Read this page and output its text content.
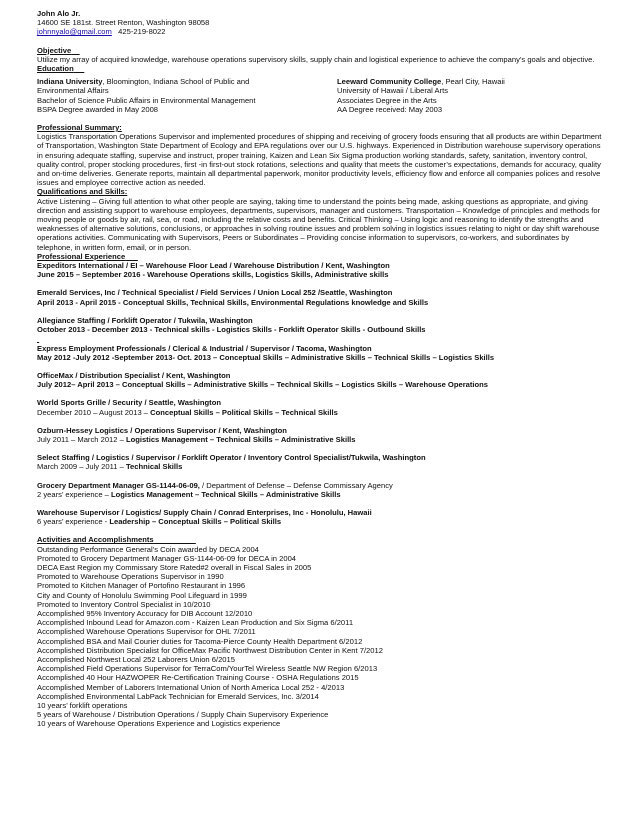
John Alo Jr.
14600 SE 181st. Street Renton, Washington 98058
johnnyalo@gmail.com 425-219-8022
Objective
Utilize my array of acquired knowledge, warehouse operations supervisory skills, supply chain and logistical experience to achieve the company’s goals and objective.
Education
Indiana University, Bloomington, Indiana School of Public and
Environmental Affairs
Bachelor of Science Public Affairs in Environmental Management
BSPA Degree awarded in May 2008
Leeward Community College, Pearl City, Hawaii
University of Hawaii / Liberal Arts
Associates Degree in the Arts
AA Degree received: May 2003
Professional Summary:
Logistics Transportation Operations Supervisor and implemented procedures of shipping and receiving of grocery foods ensuring that all products are within Department of Transportation, Washington State Department of Ecology and EPA regulations over our U.S. highways. Experienced in Distribution warehouse supervisory operations in ensuring adequate staffing, supervise and instruct, proper training, Kaizen and Lean Six Sigma production working standards, safety, sanitation, inventory control, quality control, proper stocking procedures, first -in first-out stock rotations, selections and quality that meets the customer’s expectations, demands for accuracy, quality and on-time deliveries. Generate reports, maintain all departmental paperwork, monitor productivity levels, efficiency flow and enforce all companies polices and resolve issues and employee corrective action as needed.
Qualifications and Skills:
Active Listening – Giving full attention to what other people are saying, taking time to understand the points being made, asking questions as appropriate, and giving direction and assisting support to warehouse employees, departments, supervisors, manager and customers. Transportation – Knowledge of principles and methods for moving people or goods by air, rail, sea, or road, including the relative costs and benefits. Critical Thinking – Using logic and reasoning to identify the strengths and weaknesses of alternative solutions, conclusions, or approaches in solving routine issues and problem solving in logistics issues relating to night or day shift warehouse operations activities. Communicating with Supervisors, Peers or Subordinates – Providing concise information to supervisors, co-workers, and subordinates by telephone, in written form, email, or in person.
Professional Experience
Expeditors International / EI – Warehouse Floor Lead / Warehouse Distribution / Kent, Washington
June 2015 – September 2016 - Warehouse Operations skills, Logistics Skills, Administrative skills
Emerald Services, Inc / Technical Specialist / Field Services / Union Local 252 /Seattle, Washington
April 2013 - April 2015 - Conceptual Skills, Technical Skills, Environmental Regulations knowledge and Skills
Allegiance Staffing / Forklift Operator / Tukwila, Washington
October 2013 - December 2013 - Technical skills - Logistics Skills - Forklift Operator Skills - Outbound Skills

Express Employment Professionals / Clerical & Industrial / Supervisor / Tacoma, Washington
May 2012 -July 2012 -September 2013- Oct. 2013 – Conceptual Skills – Administrative Skills – Technical Skills – Logistics Skills
OfficeMax / Distribution Specialist / Kent, Washington
July 2012– April 2013 – Conceptual Skills – Administrative Skills – Technical Skills – Logistics Skills – Warehouse Operations
World Sports Grille / Security / Seattle, Washington
December 2010 – August 2013 – Conceptual Skills – Political Skills – Technical Skills
Ozburn-Hessey Logistics / Operations Supervisor / Kent, Washington
July 2011 – March 2012 – Logistics Management – Technical Skills – Administrative Skills
Select Staffing / Logistics / Supervisor / Forklift Operator / Inventory Control Specialist/Tukwila, Washington
March 2009 – July 2011 – Technical Skills
Grocery Department Manager GS-1144-06-09, / Department of Defense – Defense Commissary Agency
2 years’ experience – Logistics Management – Technical Skills – Administrative Skills
Warehouse Supervisor / Logistics/ Supply Chain / Conrad Enterprises, Inc - Honolulu, Hawaii
6 years’ experience - Leadership – Conceptual Skills – Political Skills
Activities and Accomplishments
Outstanding Performance General’s Coin awarded by DECA 2004
Promoted to Grocery Department Manager GS-1144-06-09 for DECA in 2004
DECA East Region my Commissary Store Rated#2 overall in Fiscal Sales in 2005
Promoted to Warehouse Operations Supervisor in 1990
Promoted to Kitchen Manager of Portofino Restaurant in 1996
City and County of Honolulu Swimming Pool Lifeguard in 1999
Promoted to Inventory Control Specialist in 10/2010
Accomplished 95% Inventory Accuracy for DIB Account 12/2010
Accomplished Inbound Lead for Amazon.com - Kaizen Lean Production and Six Sigma 6/2011
Accomplished Warehouse Operations Supervisor for OHL 7/2011
Accomplished BSA and Mail Courier duties for Tacoma-Pierce County Health Department 6/2012
Accomplished Distribution Specialist for OfficeMax Pacific Northwest Distribution Center in Kent 7/2012
Accomplished Northwest Local 252 Laborers Union 6/2015
Accomplished Field Operations Supervisor for TerraCom/YourTel Wireless Seattle NW Region 6/2013
Accomplished 40 Hour HAZWOPER Re-Certification Training Course - OSHA Regulations 2015
Accomplished Member of Laborers International Union of North America Local 252 - 4/2013
Accomplished Environmental LabPack Technician for Emerald Services, Inc. 3/2014
10 years’ forklift operations
5 years of Warehouse / Distribution Operations / Supply Chain Supervisory Experience
10 years of Warehouse Operations Experience and Logistics experience
